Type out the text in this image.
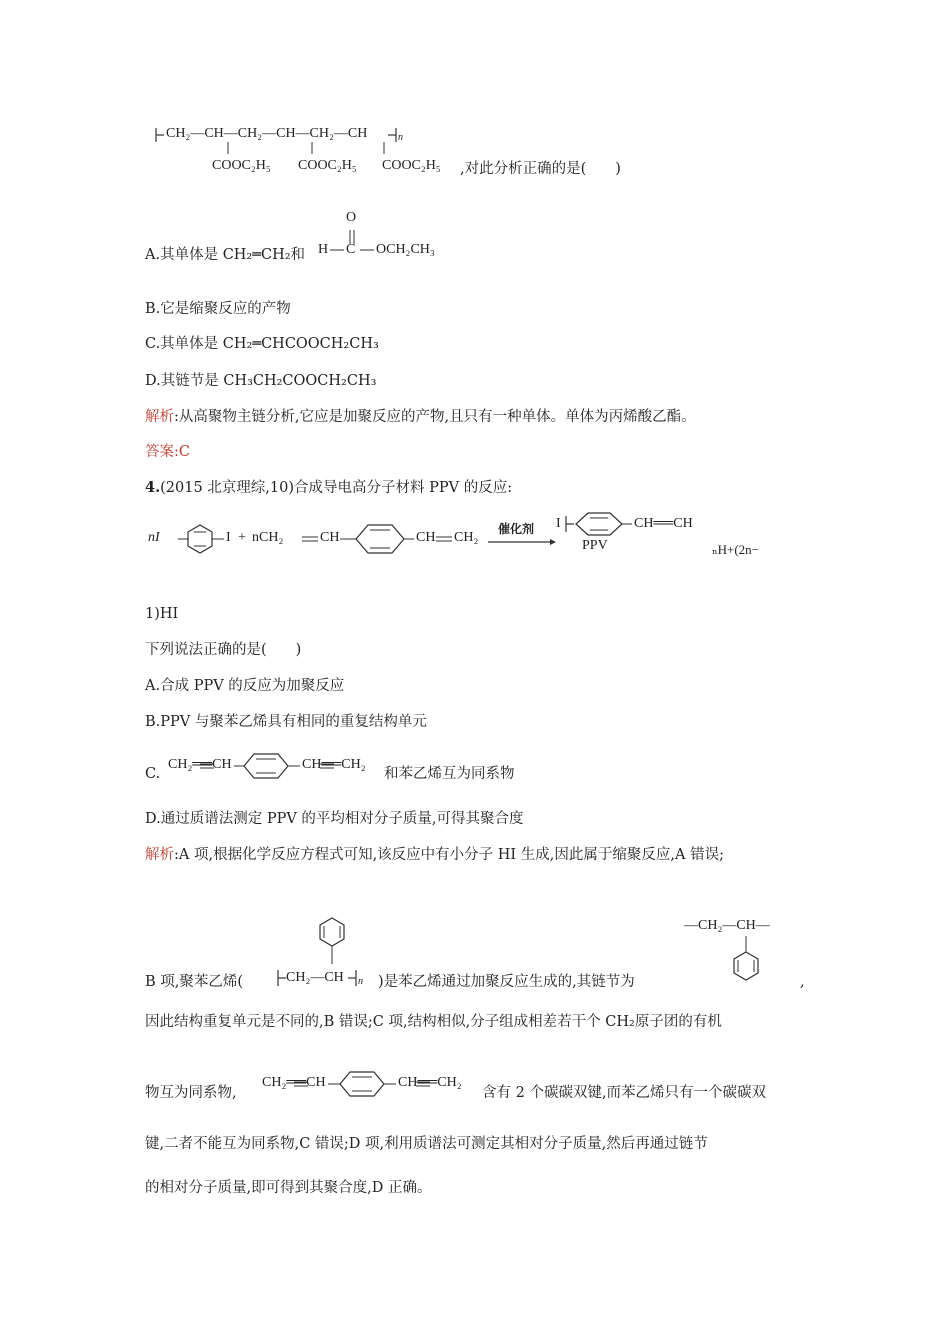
CH₂—CH—CH₂—CH—CH₂—CH	n
COOC₂H₅ COOC₂H₅ COOC₂H₅ ,对此分析正确的是(　　)
A.其单体是 CH₂═CH₂和
O
H C OCH₂CH₃
B.它是缩聚反应的产物
C.其单体是 CH₂═CHCOOCH₂CH₃
D.其链节是 CH₃CH₂COOCH₂CH₃
解析:从高聚物主链分析,它应是加聚反应的产物,且只有一种单体。单体为丙烯酸乙酯。
答案:C
4.(2015 北京理综,10)合成导电高分子材料 PPV 的反应:
nI	I + nCH₂	CH	CH CH₂
催化剂 I	CH══CH
PPV	ₙH+(2n−
1)HI
下列说法正确的是(　　)
A.合成 PPV 的反应为加聚反应
B.PPV 与聚苯乙烯具有相同的重复结构单元
C.
CH₂══CH	CH══CH₂
和苯乙烯互为同系物
D.通过质谱法测定 PPV 的平均相对分子质量,可得其聚合度
解析:A 项,根据化学反应方程式可知,该反应中有小分子 HI 生成,因此属于缩聚反应,A 错误;
B 项,聚苯乙烯(	CH₂—CH n )是苯乙烯通过加聚反应生成的,其链节为
—CH₂—CH—
,
因此结构重复单元是不同的,B 错误;C 项,结构相似,分子组成相差若干个 CH₂原子团的有机
物互为同系物,
CH₂══CH	CH══CH₂
含有 2 个碳碳双键,而苯乙烯只有一个碳碳双
键,二者不能互为同系物,C 错误;D 项,利用质谱法可测定其相对分子质量,然后再通过链节
的相对分子质量,即可得到其聚合度,D 正确。
